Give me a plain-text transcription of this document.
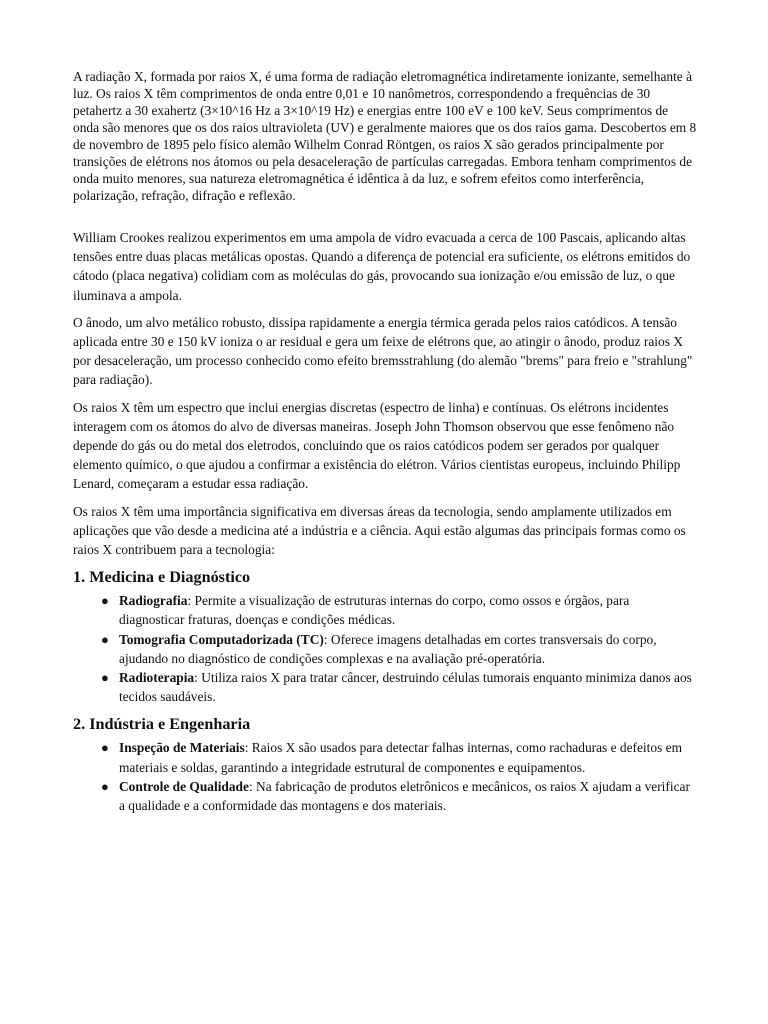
A radiação X, formada por raios X, é uma forma de radiação eletromagnética indiretamente ionizante, semelhante à luz. Os raios X têm comprimentos de onda entre 0,01 e 10 nanômetros, correspondendo a frequências de 30 petahertz a 30 exahertz (3×10^16 Hz a 3×10^19 Hz) e energias entre 100 eV e 100 keV. Seus comprimentos de onda são menores que os dos raios ultravioleta (UV) e geralmente maiores que os dos raios gama. Descobertos em 8 de novembro de 1895 pelo físico alemão Wilhelm Conrad Röntgen, os raios X são gerados principalmente por transições de elétrons nos átomos ou pela desaceleração de partículas carregadas. Embora tenham comprimentos de onda muito menores, sua natureza eletromagnética é idêntica à da luz, e sofrem efeitos como interferência, polarização, refração, difração e reflexão.

William Crookes realizou experimentos em uma ampola de vidro evacuada a cerca de 100 Pascais, aplicando altas tensões entre duas placas metálicas opostas. Quando a diferença de potencial era suficiente, os elétrons emitidos do cátodo (placa negativa) colidiam com as moléculas do gás, provocando sua ionização e/ou emissão de luz, o que iluminava a ampola.

O ânodo, um alvo metálico robusto, dissipa rapidamente a energia térmica gerada pelos raios catódicos. A tensão aplicada entre 30 e 150 kV ioniza o ar residual e gera um feixe de elétrons que, ao atingir o ânodo, produz raios X por desaceleração, um processo conhecido como efeito bremsstrahlung (do alemão "brems" para freio e "strahlung" para radiação).

Os raios X têm um espectro que inclui energias discretas (espectro de linha) e contínuas. Os elétrons incidentes interagem com os átomos do alvo de diversas maneiras. Joseph John Thomson observou que esse fenômeno não depende do gás ou do metal dos eletrodos, concluindo que os raios catódicos podem ser gerados por qualquer elemento químico, o que ajudou a confirmar a existência do elétron. Vários cientistas europeus, incluindo Philipp Lenard, começaram a estudar essa radiação.

Os raios X têm uma importância significativa em diversas áreas da tecnologia, sendo amplamente utilizados em aplicações que vão desde a medicina até a indústria e a ciência. Aqui estão algumas das principais formas como os raios X contribuem para a tecnologia:

1. Medicina e Diagnóstico
● Radiografia: Permite a visualização de estruturas internas do corpo, como ossos e órgãos, para diagnosticar fraturas, doenças e condições médicas.
● Tomografia Computadorizada (TC): Oferece imagens detalhadas em cortes transversais do corpo, ajudando no diagnóstico de condições complexas e na avaliação pré-operatória.
● Radioterapia: Utiliza raios X para tratar câncer, destruindo células tumorais enquanto minimiza danos aos tecidos saudáveis.
2. Indústria e Engenharia
● Inspeção de Materiais: Raios X são usados para detectar falhas internas, como rachaduras e defeitos em materiais e soldas, garantindo a integridade estrutural de componentes e equipamentos.
● Controle de Qualidade: Na fabricação de produtos eletrônicos e mecânicos, os raios X ajudam a verificar a qualidade e a conformidade das montagens e dos materiais.
